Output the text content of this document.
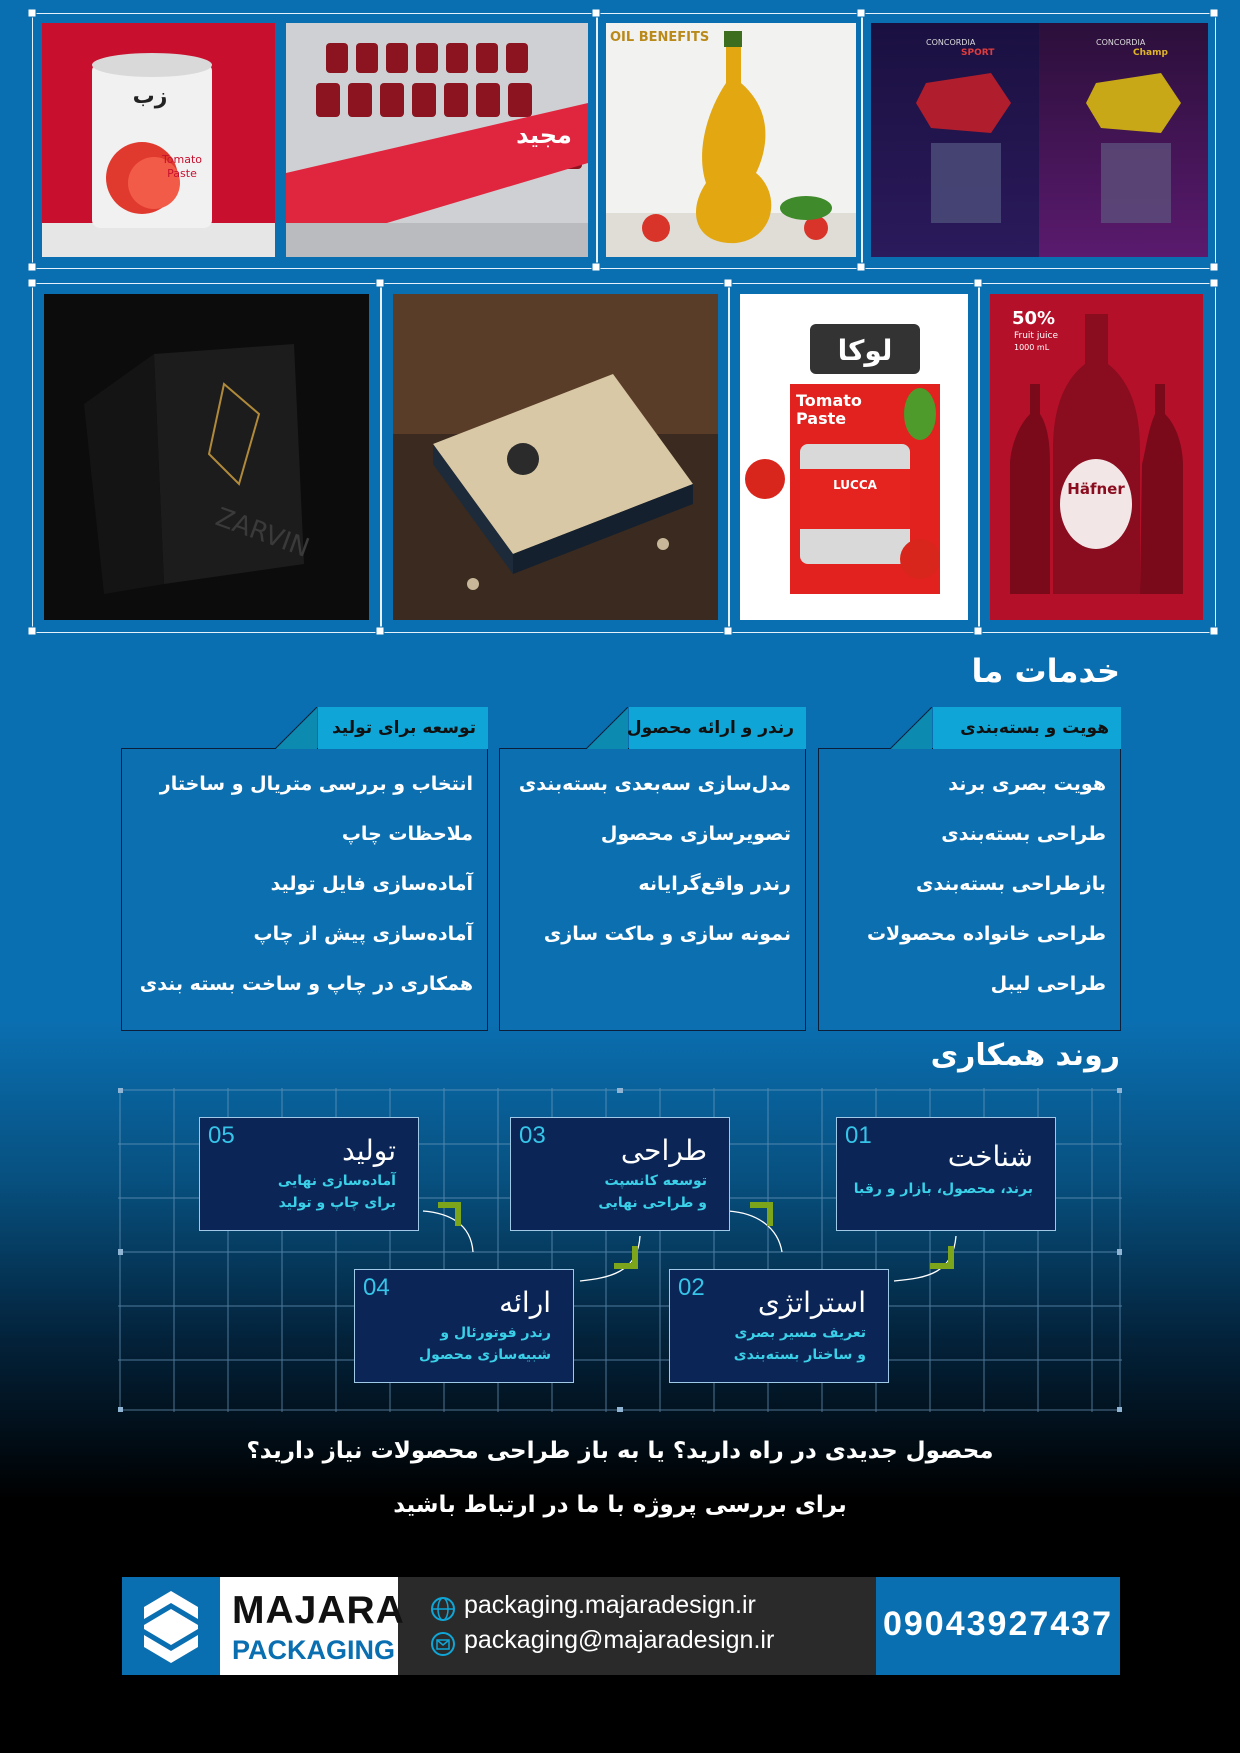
زب
Tomato
Paste
مجید
OIL BENEFITS	CONCORDIA
SPORT
CONCORDIA
Champ
ZARVIN
لوکا
Tomato
Paste
LUCCA
50%
Fruit juice
1000 mL
Häfner
خدمات ما
هویت و بسته‌بندی
هویت بصری برند
طراحی بسته‌بندی
بازطراحی بسته‌بندی
طراحی خانواده محصولات
طراحی لیبل
رندر و ارائه محصول
مدل‌سازی سه‌بعدی بسته‌بندی
تصویرسازی محصول
رندر واقع‌گرایانه
نمونه سازی و ماکت سازی
توسعه برای تولید
انتخاب و بررسی متریال و ساختار
ملاحظات چاپ
آماده‌سازی فایل تولید
آماده‌سازی پیش از چاپ
همکاری در چاپ و ساخت بسته بندی
روند همکاری
01
شناخت
برند، محصول، بازار و رقبا
02 استراتژی
تعریف مسیر بصری
و ساختار بسته‌بندی
03	طراحی
توسعه کانسپت
و طراحی نهایی
04	ارائه
رندر فوتورئال و
شبیه‌سازی محصول
05	تولید
آماده‌سازی نهایی
برای چاپ و تولید
محصول جدیدی در راه دارید؟ یا به باز طراحی محصولات نیاز دارید؟
برای بررسی پروژه با ما در ارتباط باشید
MAJARA
PACKAGING
packaging.majaradesign.ir
packaging@majaradesign.ir	09043927437
